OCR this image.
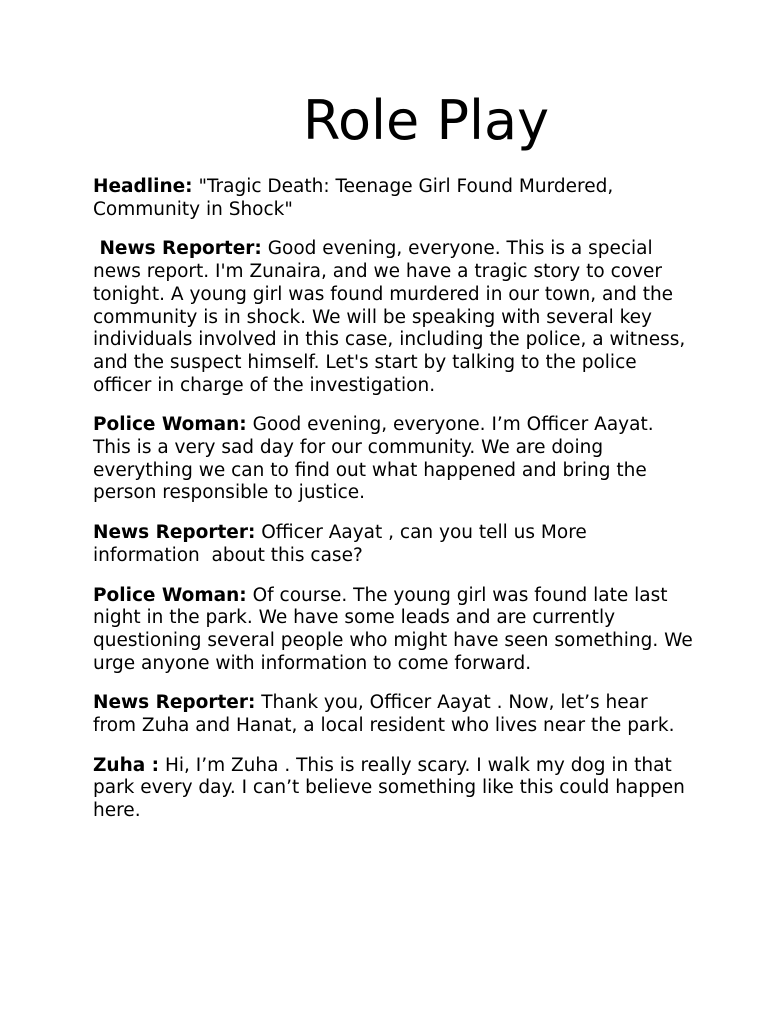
Role Play

Headline: "Tragic Death: Teenage Girl Found Murdered, Community in Shock"

News Reporter: Good evening, everyone. This is a special news report. I'm Zunaira, and we have a tragic story to cover tonight. A young girl was found murdered in our town, and the community is in shock. We will be speaking with several key individuals involved in this case, including the police, a witness, and the suspect himself. Let's start by talking to the police officer in charge of the investigation.

Police Woman: Good evening, everyone. I’m Officer Aayat. This is a very sad day for our community. We are doing everything we can to find out what happened and bring the person responsible to justice.

News Reporter: Officer Aayat , can you tell us More information  about this case?

Police Woman: Of course. The young girl was found late last night in the park. We have some leads and are currently questioning several people who might have seen something. We urge anyone with information to come forward.

News Reporter: Thank you, Officer Aayat . Now, let’s hear from Zuha and Hanat, a local resident who lives near the park.

Zuha : Hi, I’m Zuha . This is really scary. I walk my dog in that park every day. I can’t believe something like this could happen here.
